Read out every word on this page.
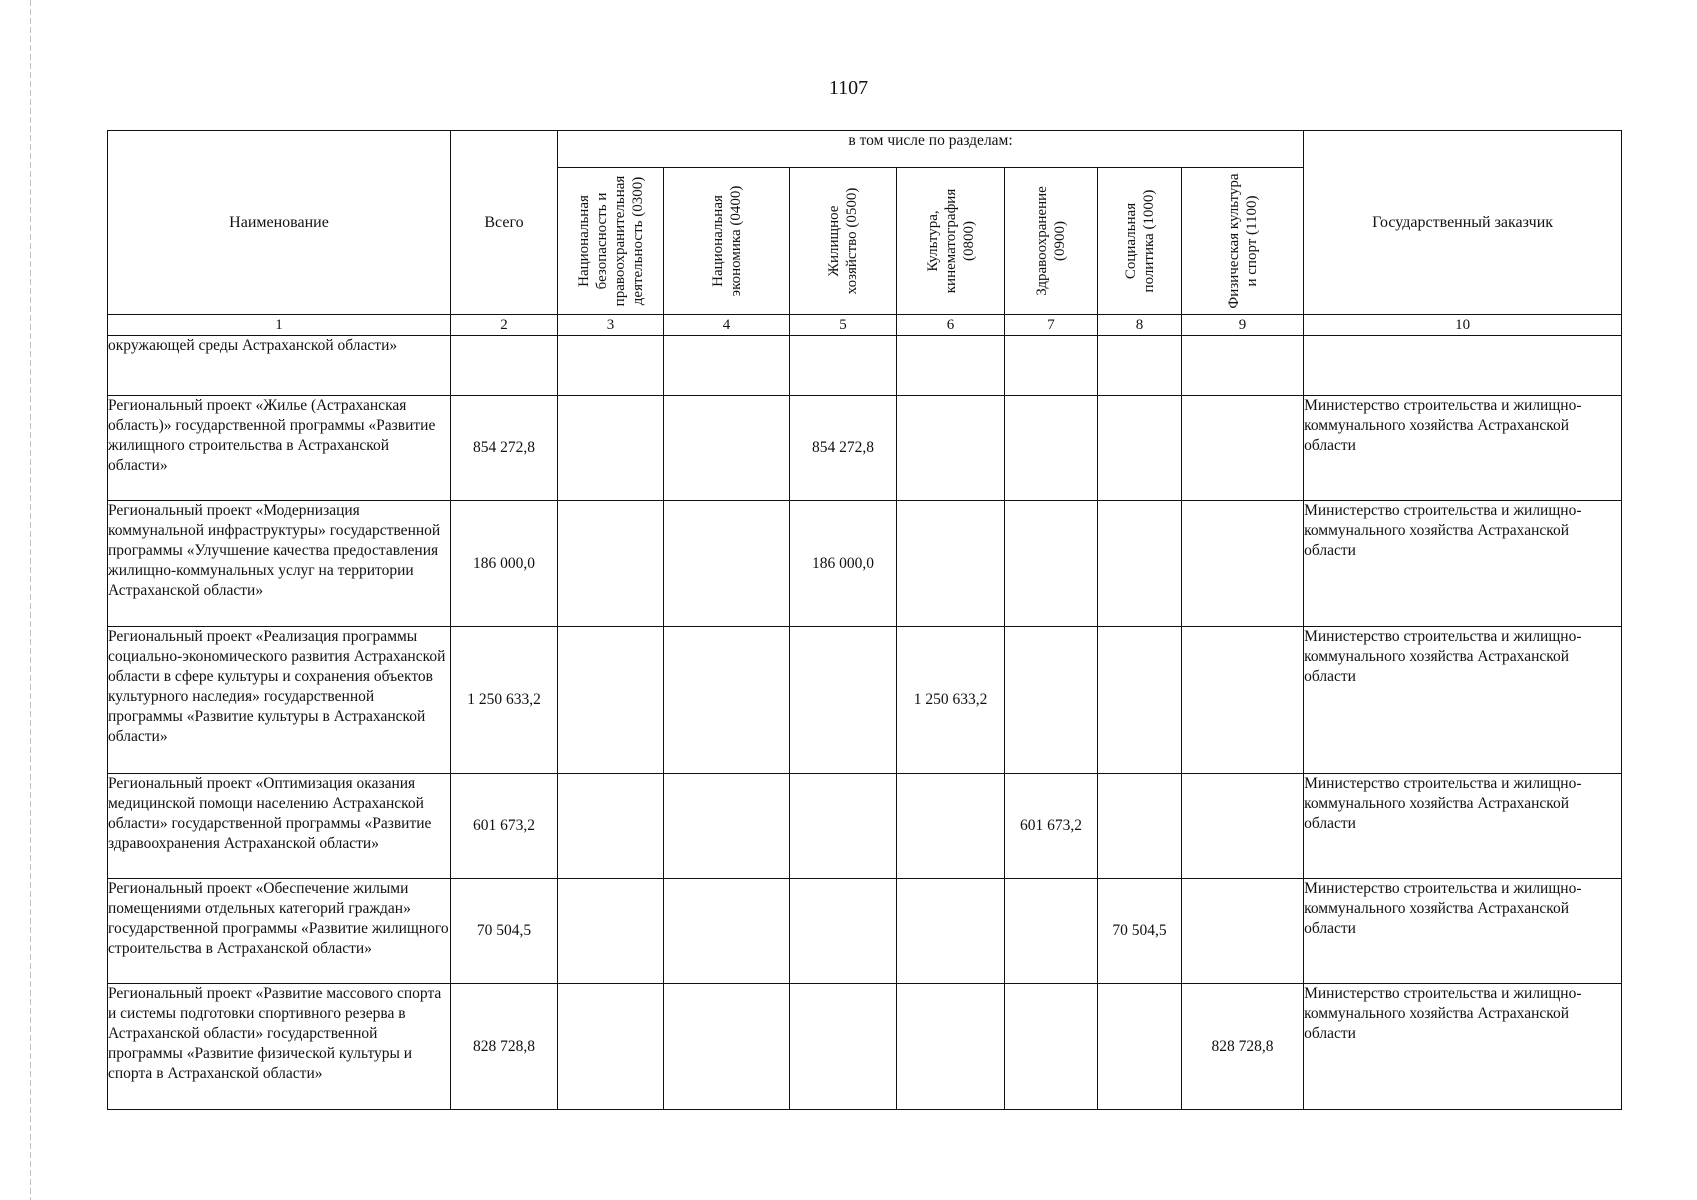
1107
Наименование	Всего	в том числе по разделам:							Государственный заказчик

		Национальная безопасность и правоохранительная деятельность (0300)	Национальная экономика (0400)	Жилищное хозяйство (0500)	Культура, кинематография (0800)	Здравоохранение (0900)	Социальная политика (1000)	Физическая культура и спорт (1100)	

1	2	3	4	5	6	7	8	9	10
окружающей среды Астраханской области»									
Региональный проект «Жилье (Астраханская область)» государственной программы «Развитие жилищного строительства в Астраханской области»	854 272,8			854 272,8					Министерство строительства и жилищно-коммунального хозяйства Астраханской области
Региональный проект «Модернизация коммунальной инфраструктуры» государственной программы «Улучшение качества предоставления жилищно-коммунальных услуг на территории Астраханской области»	186 000,0			186 000,0					Министерство строительства и жилищно-коммунального хозяйства Астраханской области
Региональный проект «Реализация программы социально-экономического развития Астраханской области в сфере культуры и сохранения объектов культурного наследия» государственной программы «Развитие культуры в Астраханской области»	1 250 633,2				1 250 633,2				Министерство строительства и жилищно-коммунального хозяйства Астраханской области
Региональный проект «Оптимизация оказания медицинской помощи населению Астраханской области» государственной программы «Развитие здравоохранения Астраханской области»	601 673,2					601 673,2			Министерство строительства и жилищно-коммунального хозяйства Астраханской области
Региональный проект «Обеспечение жилыми помещениями отдельных категорий граждан» государственной программы «Развитие жилищного строительства в Астраханской области»	70 504,5						70 504,5		Министерство строительства и жилищно-коммунального хозяйства Астраханской области
Региональный проект «Развитие массового спорта и системы подготовки спортивного резерва в Астраханской области» государственной программы «Развитие физической культуры и спорта в Астраханской области»	828 728,8							828 728,8	Министерство строительства и жилищно-коммунального хозяйства Астраханской области
